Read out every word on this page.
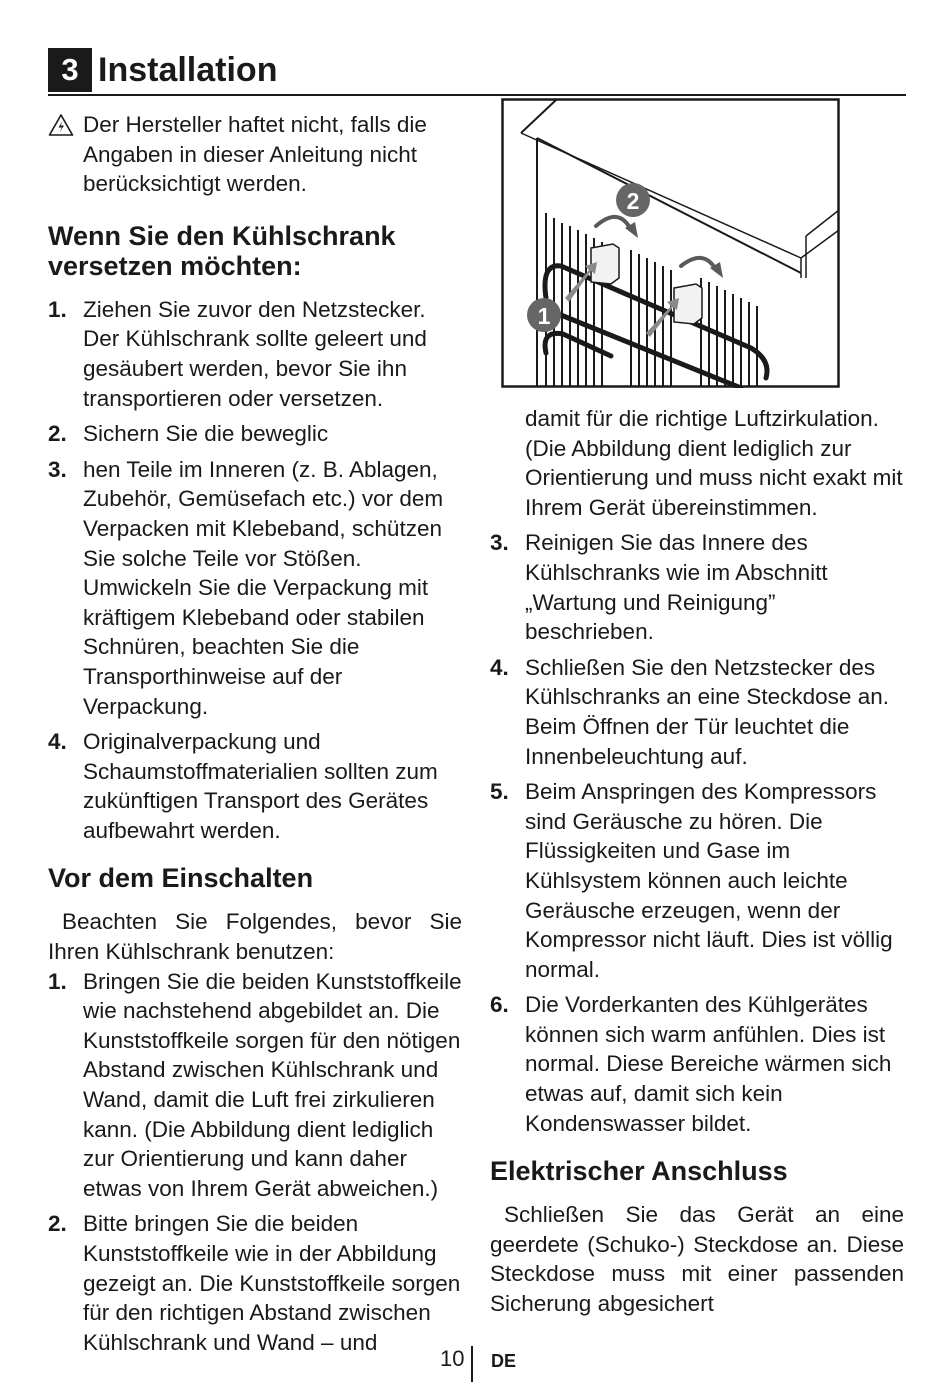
3 Installation
Der Hersteller haftet nicht, falls die Angaben in dieser Anleitung nicht berücksichtigt werden.
Wenn Sie den Kühlschrank versetzen möchten:
1. Ziehen Sie zuvor den Netzstecker. Der Kühlschrank sollte geleert und gesäubert werden, bevor Sie ihn transportieren oder versetzen.
2. Sichern Sie die beweglic
3. hen Teile im Inneren (z. B. Ablagen, Zubehör, Gemüsefach etc.) vor dem Verpacken mit Klebeband, schützen Sie solche Teile vor Stößen. Umwickeln Sie die Verpackung mit kräftigem Klebeband oder stabilen Schnüren, beachten Sie die Transporthinweise auf der Verpackung.
4. Originalverpackung und Schaumstoffmaterialien sollten zum zukünftigen Transport des Gerätes aufbewahrt werden.
Vor dem Einschalten

Beachten Sie Folgendes, bevor Sie Ihren Kühlschrank benutzen:

1. Bringen Sie die beiden Kunststoffkeile wie nachstehend abgebildet an. Die Kunststoffkeile sorgen für den nötigen Abstand zwischen Kühlschrank und Wand, damit die Luft frei zirkulieren kann. (Die Abbildung dient lediglich zur Orientierung und kann daher etwas von Ihrem Gerät abweichen.)
2. Bitte bringen Sie die beiden Kunststoffkeile wie in der Abbildung gezeigt an. Die Kunststoffkeile sorgen für den richtigen Abstand zwischen Kühlschrank und Wand – und
2
1

damit für die richtige Luftzirkulation. (Die Abbildung dient lediglich zur Orientierung und muss nicht exakt mit Ihrem Gerät übereinstimmen.

3. Reinigen Sie das Innere des Kühlschranks wie im Abschnitt „Wartung und Reinigung” beschrieben.
4. Schließen Sie den Netzstecker des Kühlschranks an eine Steckdose an. Beim Öffnen der Tür leuchtet die Innenbeleuchtung auf.
5. Beim Anspringen des Kompressors sind Geräusche zu hören. Die Flüssigkeiten und Gase im Kühlsystem können auch leichte Geräusche erzeugen, wenn der Kompressor nicht läuft. Dies ist völlig normal.
6. Die Vorderkanten des Kühlgerätes können sich warm anfühlen. Dies ist normal. Diese Bereiche wärmen sich etwas auf, damit sich kein Kondenswasser bildet.
Elektrischer Anschluss

Schließen Sie das Gerät an eine geerdete (Schuko-) Steckdose an. Diese Steckdose muss mit einer passenden Sicherung abgesichert

10 DE
